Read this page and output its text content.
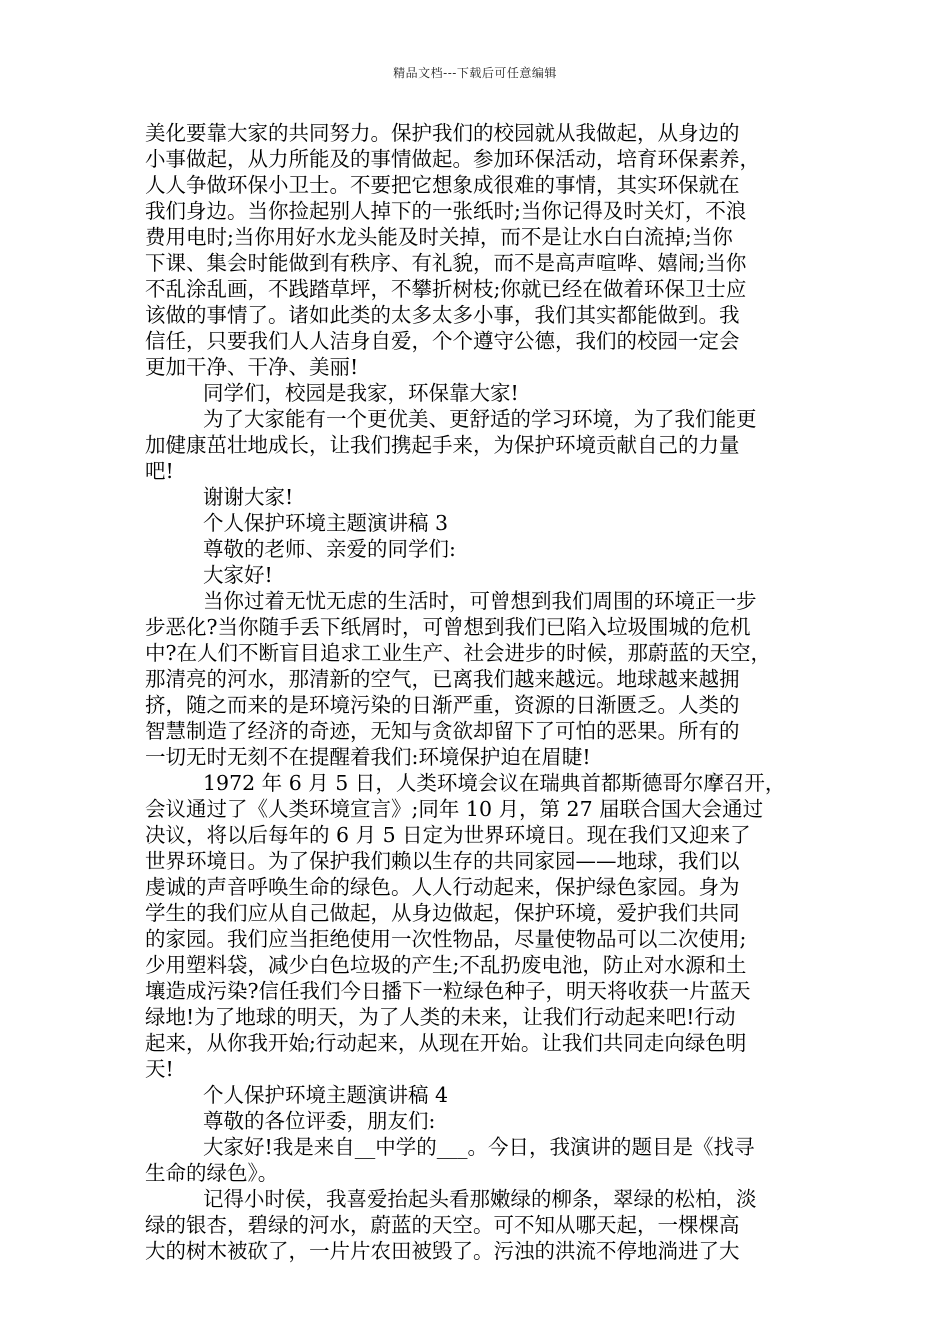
精品文档---下载后可任意编辑
美化要靠大家的共同努力。保护我们的校园就从我做起，从身边的
小事做起，从力所能及的事情做起。参加环保活动，培育环保素养，
人人争做环保小卫士。不要把它想象成很难的事情，其实环保就在
我们身边。当你捡起别人掉下的一张纸时;当你记得及时关灯，不浪
费用电时;当你用好水龙头能及时关掉，而不是让水白白流掉;当你
下课、集会时能做到有秩序、有礼貌，而不是高声喧哗、嬉闹;当你
不乱涂乱画，不践踏草坪，不攀折树枝;你就已经在做着环保卫士应
该做的事情了。诸如此类的太多太多小事，我们其实都能做到。我
信任，只要我们人人洁身自爱，个个遵守公德，我们的校园一定会
更加干净、干净、美丽!
同学们，校园是我家，环保靠大家!
为了大家能有一个更优美、更舒适的学习环境，为了我们能更
加健康茁壮地成长，让我们携起手来，为保护环境贡献自己的力量
吧!
谢谢大家!
个人保护环境主题演讲稿 3
尊敬的老师、亲爱的同学们:
大家好!
当你过着无忧无虑的生活时，可曾想到我们周围的环境正一步
步恶化?当你随手丢下纸屑时，可曾想到我们已陷入垃圾围城的危机
中?在人们不断盲目追求工业生产、社会进步的时候，那蔚蓝的天空，
那清亮的河水，那清新的空气，已离我们越来越远。地球越来越拥
挤，随之而来的是环境污染的日渐严重，资源的日渐匮乏。人类的
智慧制造了经济的奇迹，无知与贪欲却留下了可怕的恶果。所有的
一切无时无刻不在提醒着我们:环境保护迫在眉睫!
1972 年 6 月 5 日，人类环境会议在瑞典首都斯德哥尔摩召开，
会议通过了《人类环境宣言》;同年 10 月，第 27 届联合国大会通过
决议，将以后每年的 6 月 5 日定为世界环境日。现在我们又迎来了
世界环境日。为了保护我们赖以生存的共同家园——地球，我们以
虔诚的声音呼唤生命的绿色。人人行动起来，保护绿色家园。身为
学生的我们应从自己做起，从身边做起，保护环境，爱护我们共同
的家园。我们应当拒绝使用一次性物品，尽量使物品可以二次使用;
少用塑料袋，减少白色垃圾的产生;不乱扔废电池，防止对水源和土
壤造成污染?信任我们今日播下一粒绿色种子，明天将收获一片蓝天
绿地!为了地球的明天，为了人类的未来，让我们行动起来吧!行动
起来，从你我开始;行动起来，从现在开始。让我们共同走向绿色明
天!
个人保护环境主题演讲稿 4
尊敬的各位评委，朋友们:
大家好!我是来自__中学的___。今日，我演讲的题目是《找寻
生命的绿色》。
记得小时侯，我喜爱抬起头看那嫩绿的柳条，翠绿的松柏，淡
绿的银杏，碧绿的河水，蔚蓝的天空。可不知从哪天起，一棵棵高
大的树木被砍了，一片片农田被毁了。污浊的洪流不停地淌进了大
